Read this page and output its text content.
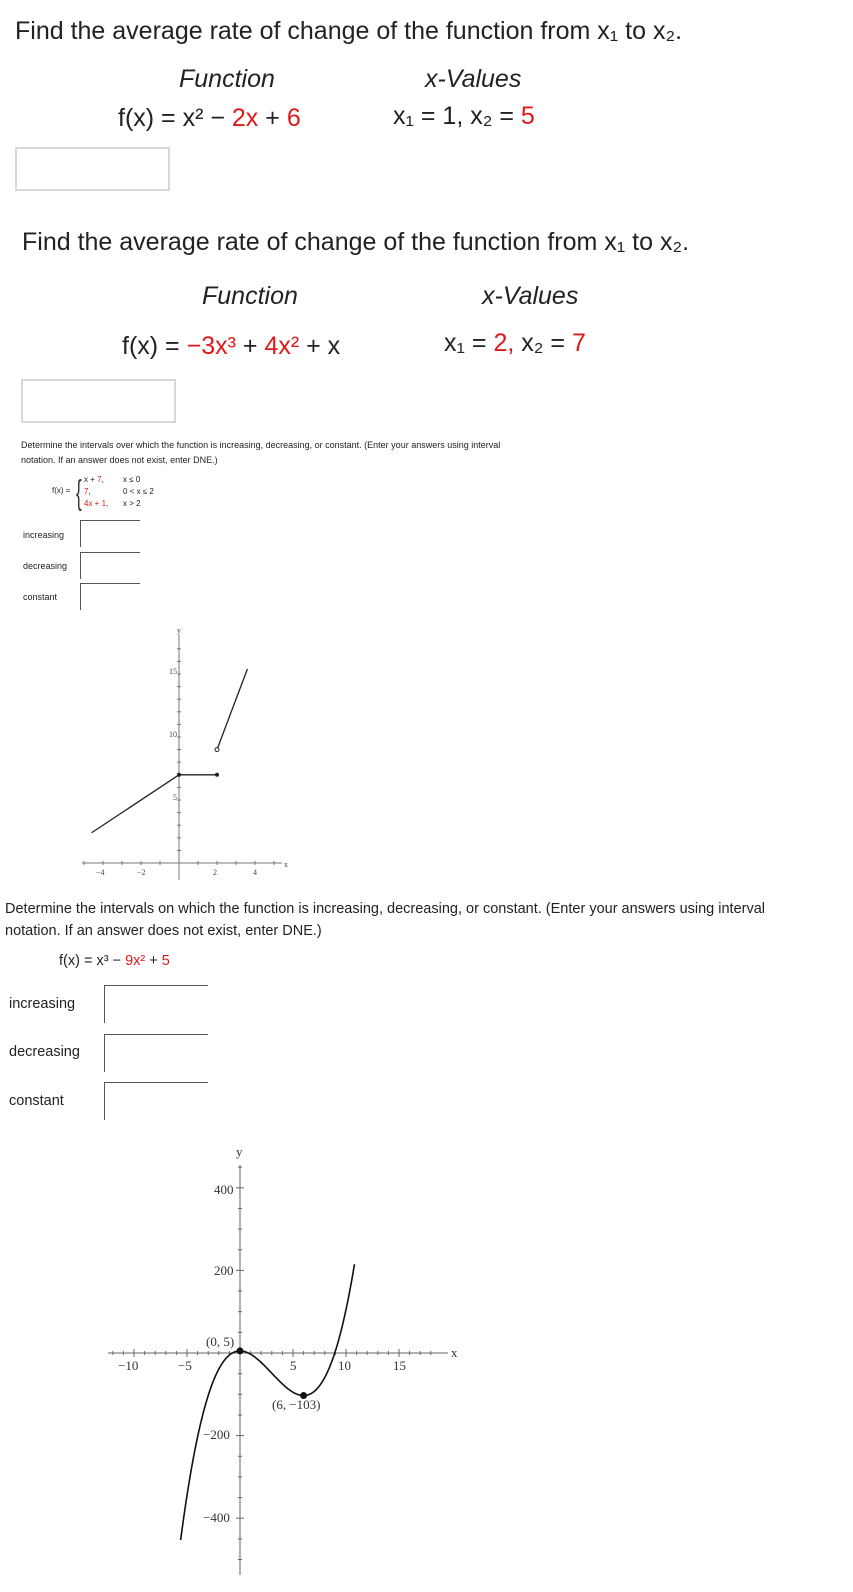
Find the average rate of change of the function from x₁ to x₂.
Function	x-Values
f(x) = x² − 2x + 6	x₁ = 1, x₂ = 5
Find the average rate of change of the function from x₁ to x₂.
Function	x-Values
f(x) = −3x³ + 4x² + x	x₁ = 2, x₂ = 7
Determine the intervals over which the function is increasing, decreasing, or constant. (Enter your answers using interval
notation. If an answer does not exist, enter DNE.)
f(x) = { x + 7, x ≤ 0
7,	0 < x ≤ 2
4x + 1, x > 2
increasing
decreasing
constant
y
x
15
10
5
−4	−2	2	4
Determine the intervals on which the function is increasing, decreasing, or constant. (Enter your answers using interval
notation. If an answer does not exist, enter DNE.)
f(x) = x³ − 9x² + 5
increasing
decreasing
constant
y
x
400
200
−200
−400
−10	−5	5	10	15
(0, 5)
(6, −103)
